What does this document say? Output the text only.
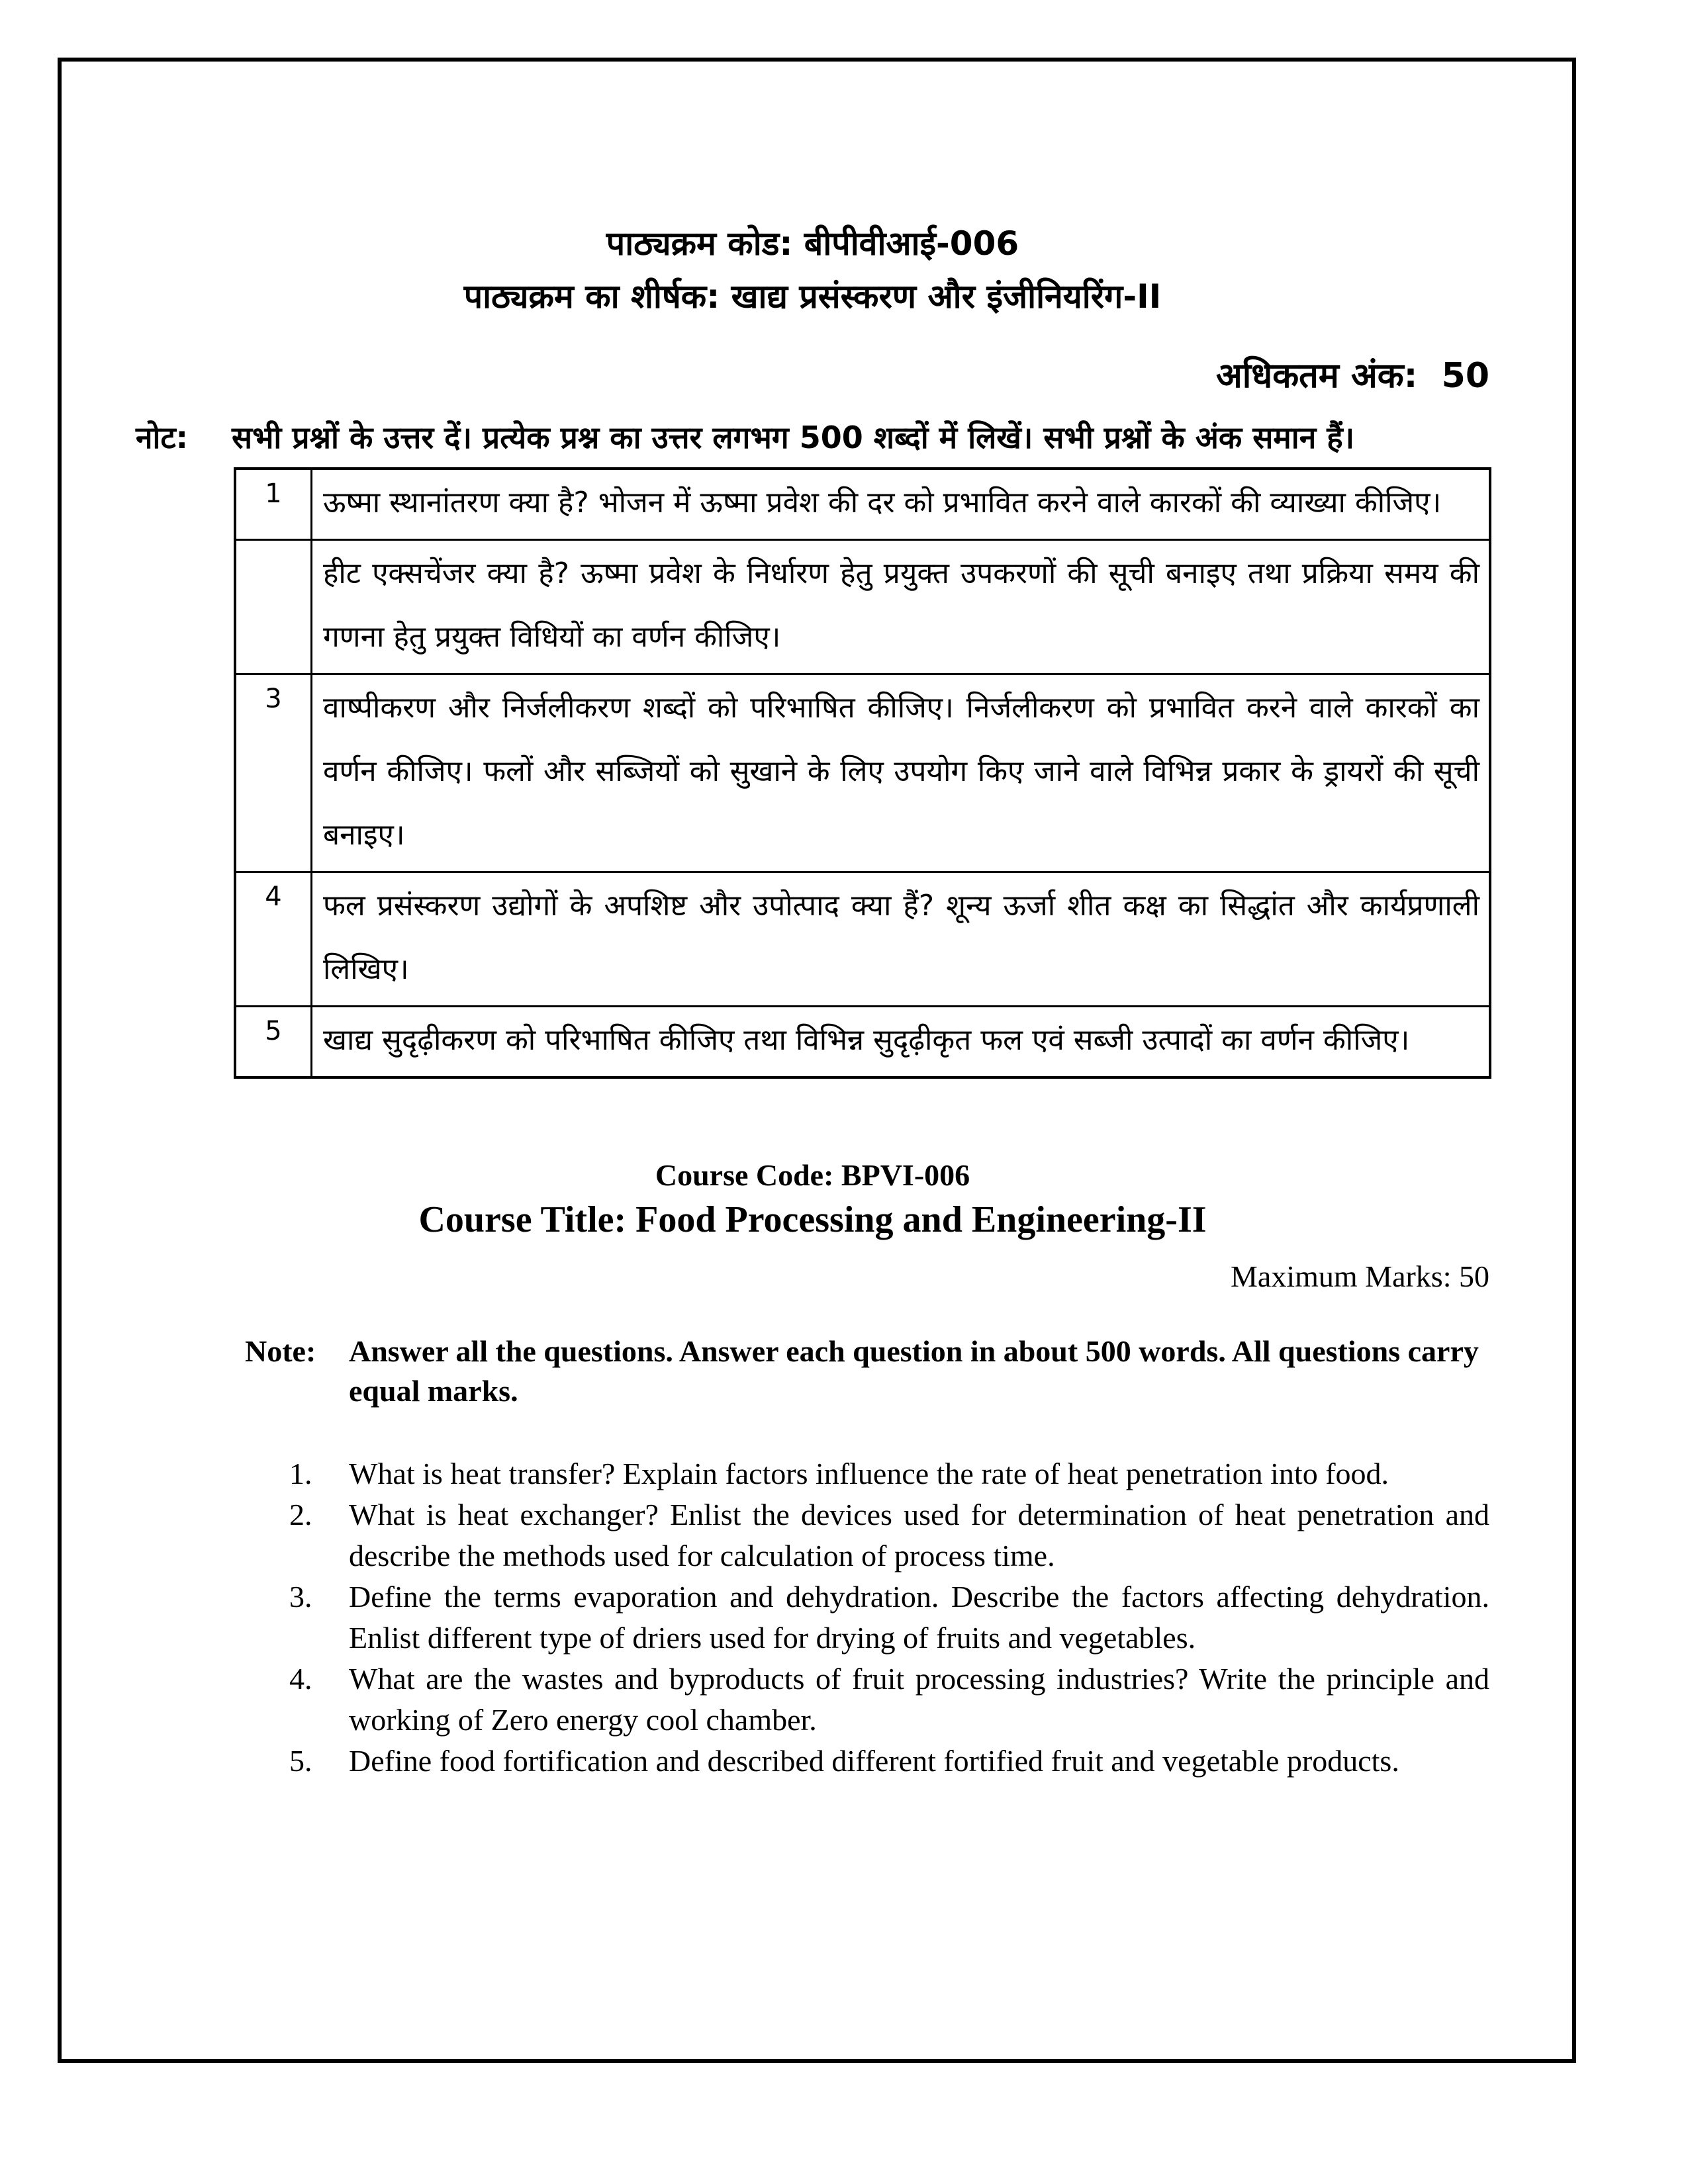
पाठ्यक्रम कोड: बीपीवीआई-006
पाठ्यक्रम का शीर्षक: खाद्य प्रसंस्करण और इंजीनियरिंग-II
अधिकतम अंक:  50
नोट:	सभी प्रश्नों के उत्तर दें। प्रत्येक प्रश्न का उत्तर लगभग 500 शब्दों में लिखें। सभी प्रश्नों के अंक समान हैं।
1	ऊष्मा स्थानांतरण क्या है? भोजन में ऊष्मा प्रवेश की दर को प्रभावित करने वाले कारकों की व्याख्या कीजिए।
	हीट एक्सचेंजर क्या है? ऊष्मा प्रवेश के निर्धारण हेतु प्रयुक्त उपकरणों की सूची बनाइए तथा प्रक्रिया समय की गणना हेतु प्रयुक्त विधियों का वर्णन कीजिए।
3	वाष्पीकरण और निर्जलीकरण शब्दों को परिभाषित कीजिए। निर्जलीकरण को प्रभावित करने वाले कारकों का वर्णन कीजिए। फलों और सब्जियों को सुखाने के लिए उपयोग किए जाने वाले विभिन्न प्रकार के ड्रायरों की सूची बनाइए।
4	फल प्रसंस्करण उद्योगों के अपशिष्ट और उपोत्पाद क्या हैं? शून्य ऊर्जा शीत कक्ष का सिद्धांत और कार्यप्रणाली लिखिए।
5	खाद्य सुदृढ़ीकरण को परिभाषित कीजिए तथा विभिन्न सुदृढ़ीकृत फल एवं सब्जी उत्पादों का वर्णन कीजिए।
Course Code: BPVI-006
Course Title: Food Processing and Engineering-II
Maximum Marks: 50
Note:	Answer all the questions. Answer each question in about 500 words. All questions carry equal marks.
1.	What is heat transfer? Explain factors influence the rate of heat penetration into food.
2.	What is heat exchanger? Enlist the devices used for determination of heat penetration and describe the methods used for calculation of process time.
3.	Define the terms evaporation and dehydration. Describe the factors affecting dehydration. Enlist different type of driers used for drying of fruits and vegetables.
4.	What are the wastes and byproducts of fruit processing industries? Write the principle and working of Zero energy cool chamber.
5.	Define food fortification and described different fortified fruit and vegetable products.
